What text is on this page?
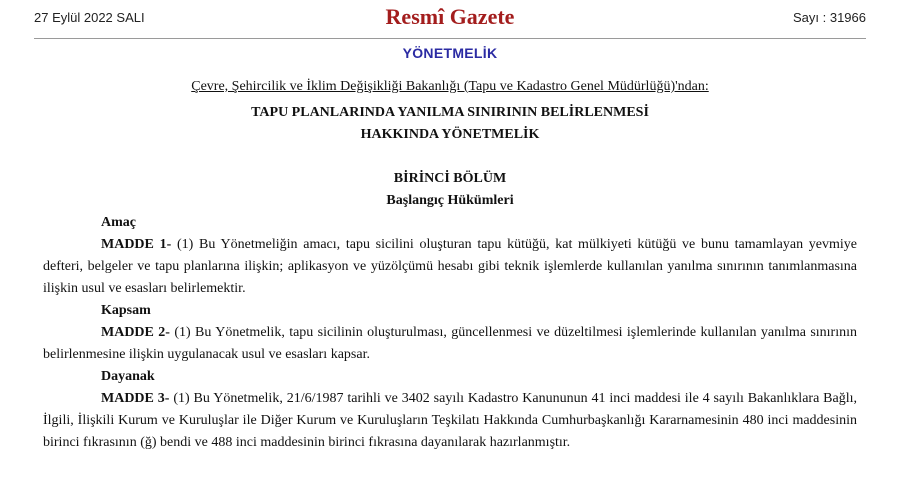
27 Eylül 2022 SALI	Resmî Gazete	Sayı : 31966
YÖNETMELİK
Çevre, Şehircilik ve İklim Değişikliği Bakanlığı (Tapu ve Kadastro Genel Müdürlüğü)'ndan:
TAPU PLANLARINDA YANILMA SINIRININ BELİRLENMESİ
HAKKINDA YÖNETMELİK
BİRİNCİ BÖLÜM
Başlangıç Hükümleri
Amaç

MADDE 1- (1) Bu Yönetmeliğin amacı, tapu sicilini oluşturan tapu kütüğü, kat mülkiyeti kütüğü ve bunu tamamlayan yevmiye defteri, belgeler ve tapu planlarına ilişkin; aplikasyon ve yüzölçümü hesabı gibi teknik işlemlerde kullanılan yanılma sınırının tanımlanmasına ilişkin usul ve esasları belirlemektir.

Kapsam

MADDE 2- (1) Bu Yönetmelik, tapu sicilinin oluşturulması, güncellenmesi ve düzeltilmesi işlemlerinde kullanılan yanılma sınırının belirlenmesine ilişkin uygulanacak usul ve esasları kapsar.

Dayanak

MADDE 3- (1) Bu Yönetmelik, 21/6/1987 tarihli ve 3402 sayılı Kadastro Kanununun 41 inci maddesi ile 4 sayılı Bakanlıklara Bağlı, İlgili, İlişkili Kurum ve Kuruluşlar ile Diğer Kurum ve Kuruluşların Teşkilatı Hakkında Cumhurbaşkanlığı Kararnamesinin 480 inci maddesinin birinci fıkrasının (ğ) bendi ve 488 inci maddesinin birinci fıkrasına dayanılarak hazırlanmıştır.
